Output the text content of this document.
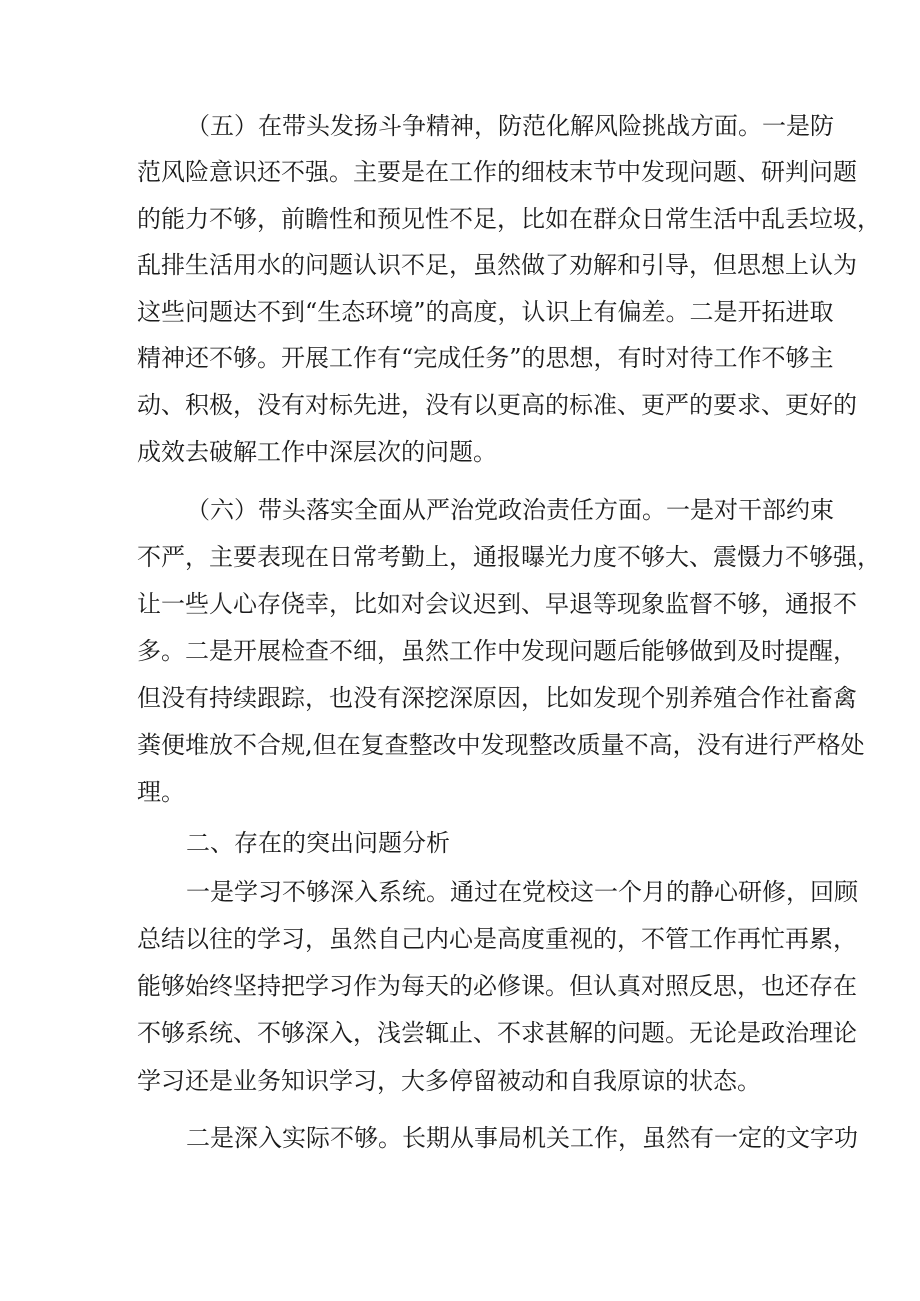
（五）在带头发扬斗争精神，防范化解风险挑战方面。一是防
范风险意识还不强。主要是在工作的细枝末节中发现问题、研判问题
的能力不够，前瞻性和预见性不足，比如在群众日常生活中乱丢垃圾，
乱排生活用水的问题认识不足，虽然做了劝解和引导，但思想上认为
这些问题达不到“生态环境”的高度，认识上有偏差。二是开拓进取
精神还不够。开展工作有“完成任务”的思想，有时对待工作不够主
动、积极，没有对标先进，没有以更高的标准、更严的要求、更好的
成效去破解工作中深层次的问题。
（六）带头落实全面从严治党政治责任方面。一是对干部约束
不严，主要表现在日常考勤上，通报曝光力度不够大、震慑力不够强，
让一些人心存侥幸，比如对会议迟到、早退等现象监督不够，通报不
多。二是开展检查不细，虽然工作中发现问题后能够做到及时提醒，
但没有持续跟踪，也没有深挖深原因，比如发现个别养殖合作社畜禽
粪便堆放不合规,但在复查整改中发现整改质量不高，没有进行严格处
理。
二、存在的突出问题分析
一是学习不够深入系统。通过在党校这一个月的静心研修，回顾
总结以往的学习，虽然自己内心是高度重视的，不管工作再忙再累，
能够始终坚持把学习作为每天的必修课。但认真对照反思，也还存在
不够系统、不够深入，浅尝辄止、不求甚解的问题。无论是政治理论
学习还是业务知识学习，大多停留被动和自我原谅的状态。
二是深入实际不够。长期从事局机关工作，虽然有一定的文字功
